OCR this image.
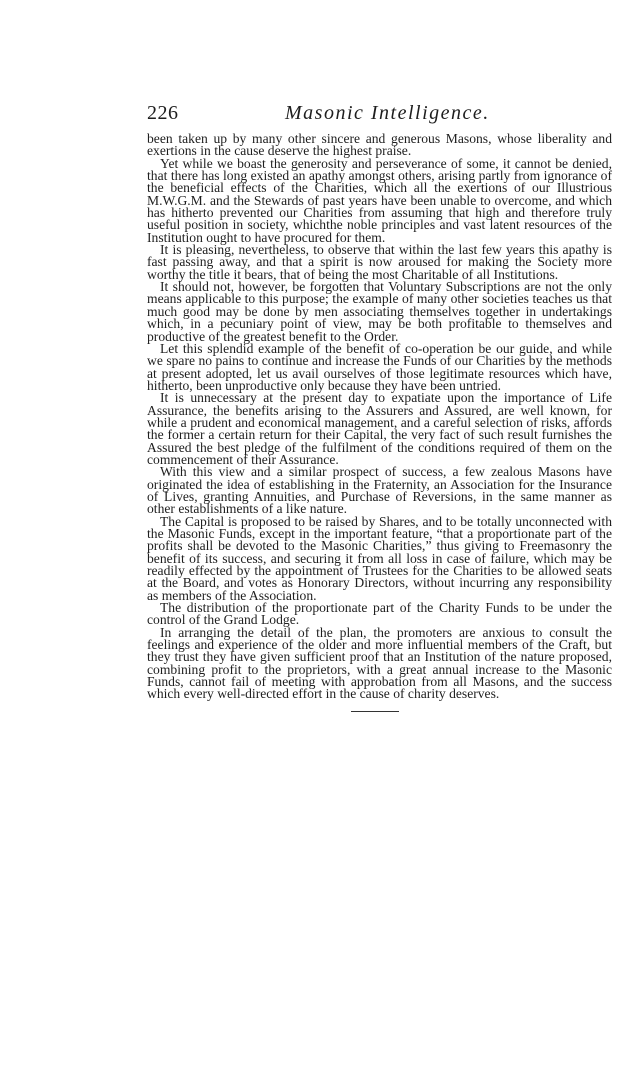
226	Masonic Intelligence.

been taken up by many other sincere and generous Masons, whose liberality and exertions in the cause deserve the highest praise.

Yet while we boast the generosity and perseverance of some, it cannot be denied, that there has long existed an apathy amongst others, arising partly from ignorance of the beneficial effects of the Charities, which all the exertions of our Illustrious M.W.G.M. and the Stewards of past years have been unable to overcome, and which has hitherto prevented our Charities from assuming that high and therefore truly useful position in society, whichthe noble principles and vast latent resources of the Institution ought to have procured for them.

It is pleasing, nevertheless, to observe that within the last few years this apathy is fast passing away, and that a spirit is now aroused for making the Society more worthy the title it bears, that of being the most Charitable of all Institutions.

It should not, however, be forgotten that Voluntary Subscriptions are not the only means applicable to this purpose; the example of many other societies teaches us that much good may be done by men associating themselves together in undertakings which, in a pecuniary point of view, may be both profitable to themselves and productive of the greatest benefit to the Order.

Let this splendid example of the benefit of co-operation be our guide, and while we spare no pains to continue and increase the Funds of our Charities by the methods at present adopted, let us avail ourselves of those legitimate resources which have, hitherto, been unproductive only because they have been untried.

It is unnecessary at the present day to expatiate upon the importance of Life Assurance, the benefits arising to the Assurers and Assured, are well known, for while a prudent and economical management, and a careful selection of risks, affords the former a certain return for their Capital, the very fact of such result furnishes the Assured the best pledge of the fulfilment of the conditions required of them on the commencement of their Assurance.

With this view and a similar prospect of success, a few zealous Masons have originated the idea of establishing in the Fraternity, an Association for the Insurance of Lives, granting Annuities, and Purchase of Reversions, in the same manner as other establishments of a like nature.

The Capital is proposed to be raised by Shares, and to be totally unconnected with the Masonic Funds, except in the important feature, “that a proportionate part of the profits shall be devoted to the Masonic Charities,” thus giving to Freemasonry the benefit of its success, and securing it from all loss in case of failure, which may be readily effected by the appointment of Trustees for the Charities to be allowed seats at the Board, and votes as Honorary Directors, without incurring any responsibility as members of the Association.

The distribution of the proportionate part of the Charity Funds to be under the control of the Grand Lodge.

In arranging the detail of the plan, the promoters are anxious to consult the feelings and experience of the older and more influential members of the Craft, but they trust they have given sufficient proof that an Institution of the nature proposed, combining profit to the proprietors, with a great annual increase to the Masonic Funds, cannot fail of meeting with approbation from all Masons, and the success which every well-directed effort in the cause of charity deserves.
